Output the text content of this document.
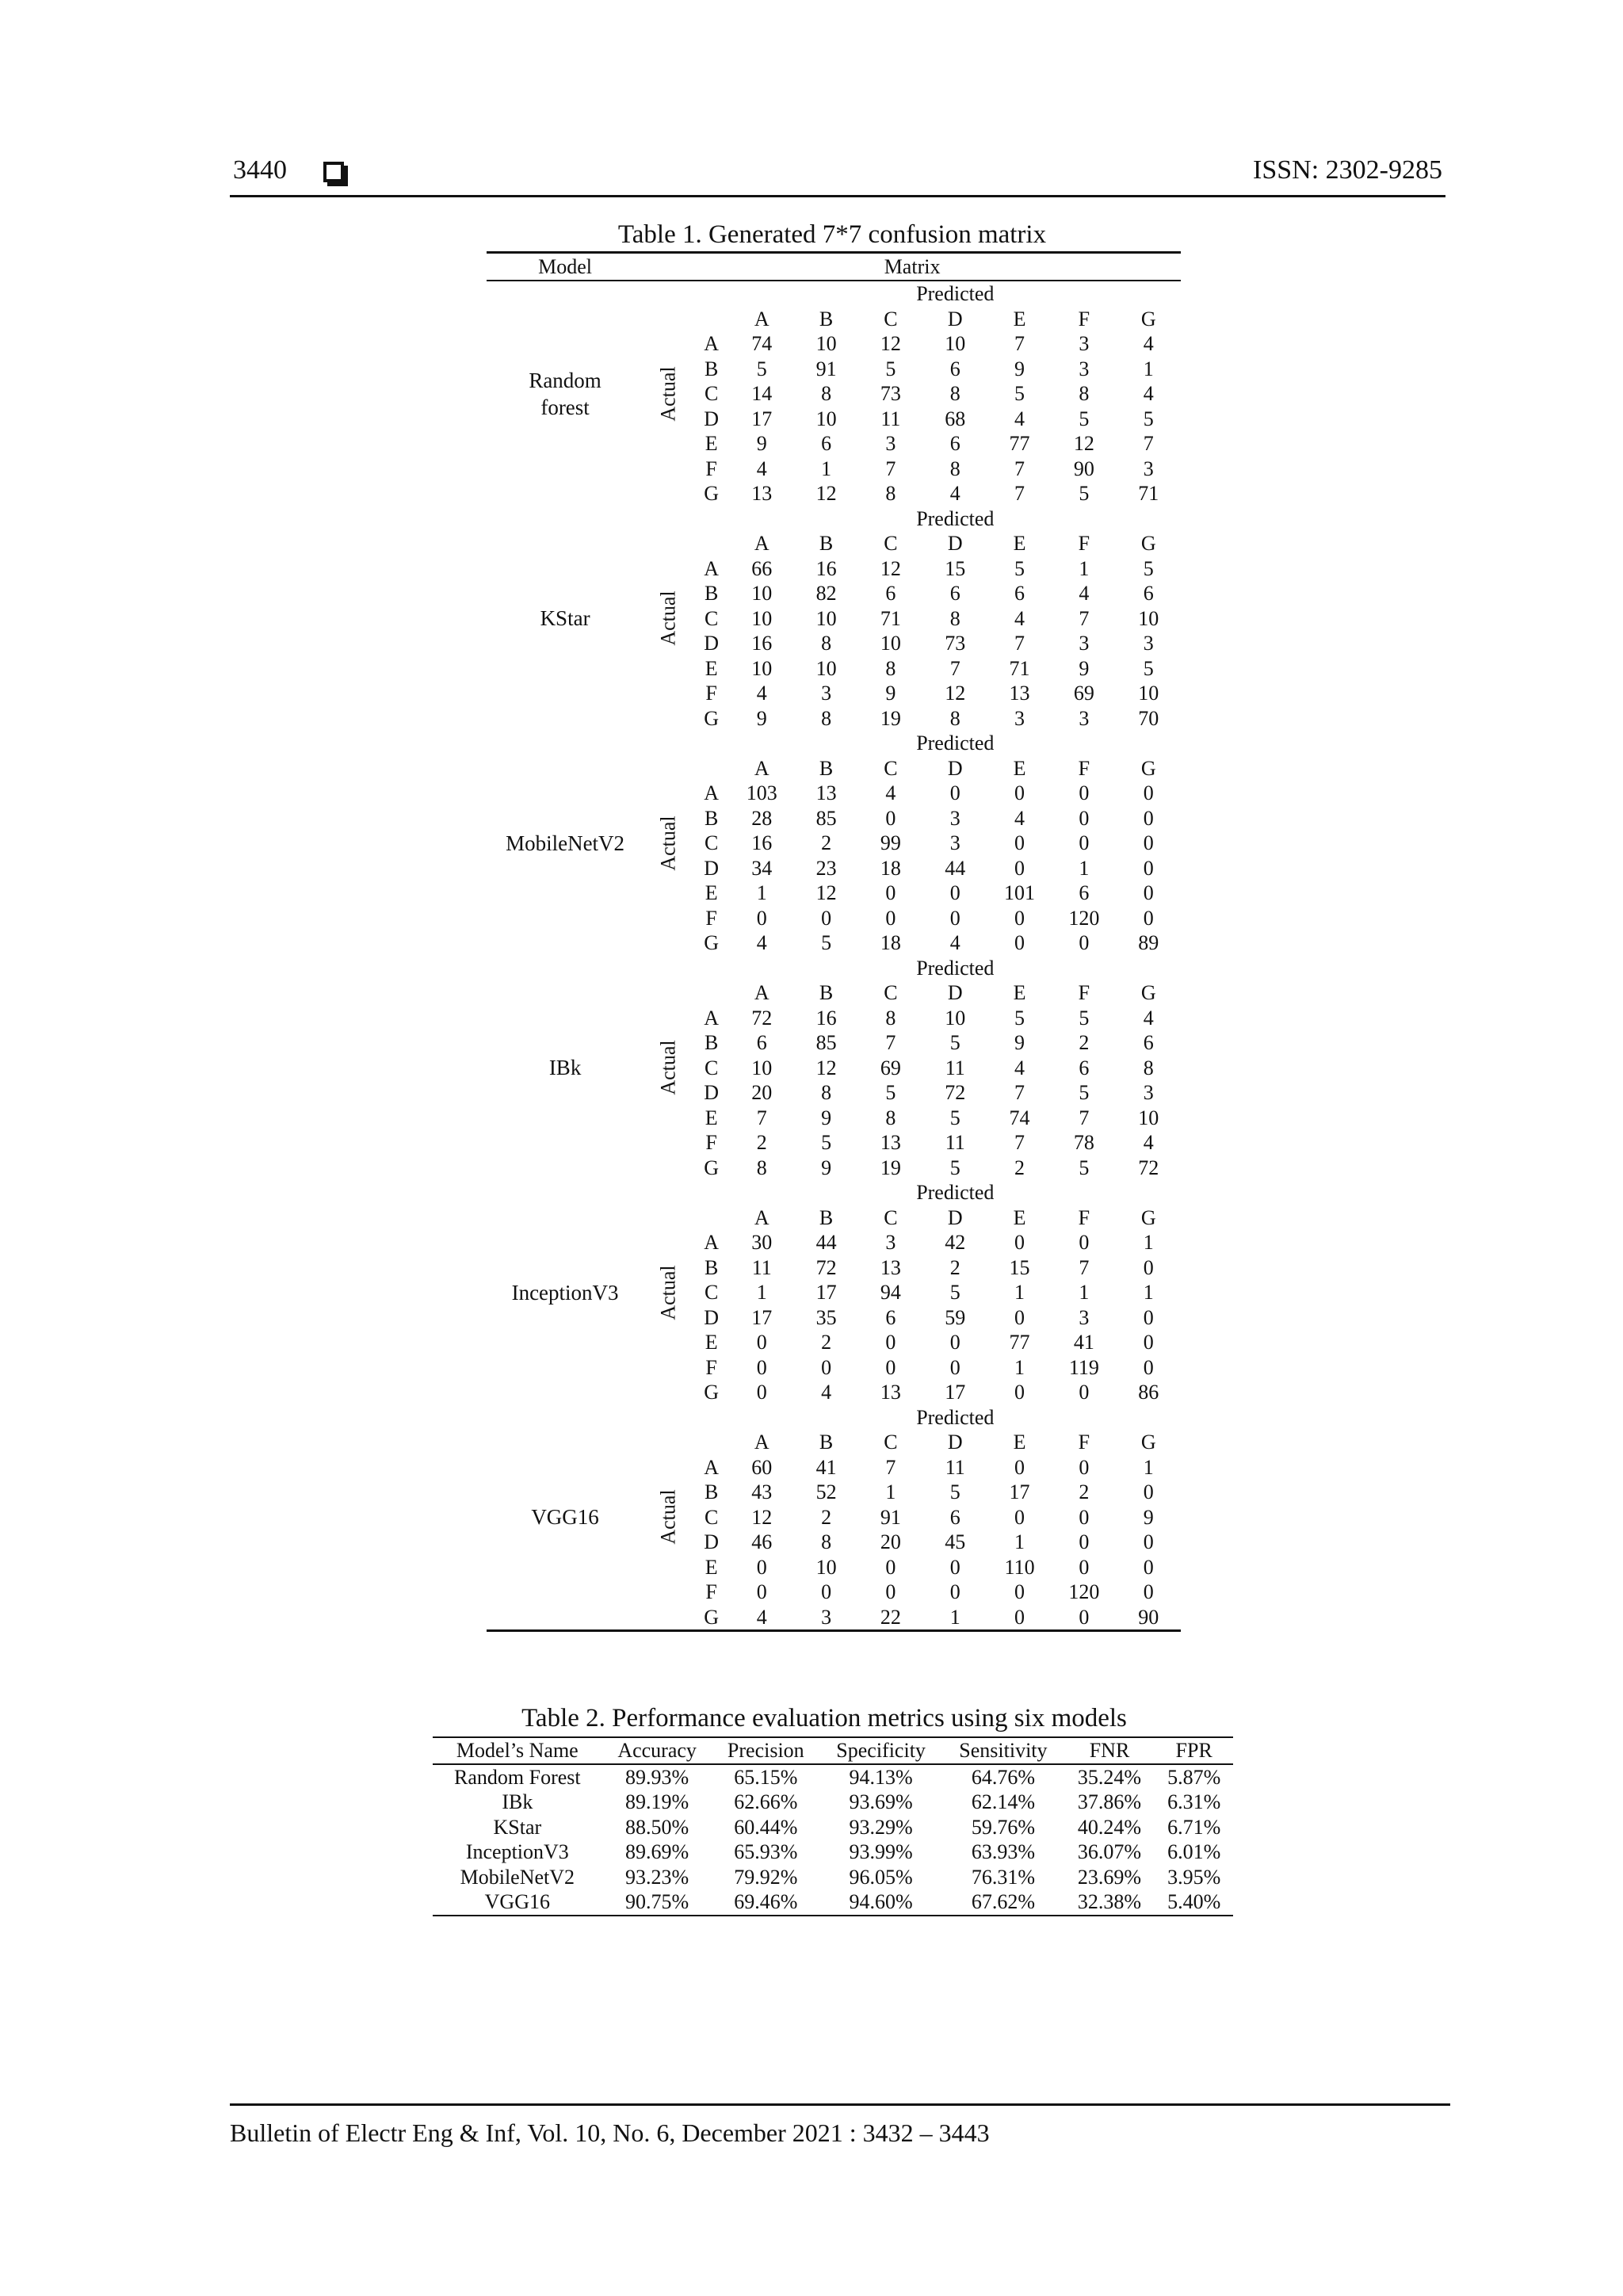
3440	ISSN: 2302-9285
Table 1. Generated 7*7 confusion matrix
Model	Matrix								
Random
forest	Actual		Predicted						
			A	B	C	D	E	F	G
		A	74	10	12	10	7	3	4
		B	5	91	5	6	9	3	1
		C	14	8	73	8	5	8	4
		D	17	10	11	68	4	5	5
		E	9	6	3	6	77	12	7
		F	4	1	7	8	7	90	3
		G	13	12	8	4	7	5	71
KStar	Actual		Predicted						
			A	B	C	D	E	F	G
		A	66	16	12	15	5	1	5
		B	10	82	6	6	6	4	6
		C	10	10	71	8	4	7	10
		D	16	8	10	73	7	3	3
		E	10	10	8	7	71	9	5
		F	4	3	9	12	13	69	10
		G	9	8	19	8	3	3	70
MobileNetV2	Actual		Predicted						
			A	B	C	D	E	F	G
		A	103	13	4	0	0	0	0
		B	28	85	0	3	4	0	0
		C	16	2	99	3	0	0	0
		D	34	23	18	44	0	1	0
		E	1	12	0	0	101	6	0
		F	0	0	0	0	0	120	0
		G	4	5	18	4	0	0	89
IBk	Actual		Predicted						
			A	B	C	D	E	F	G
		A	72	16	8	10	5	5	4
		B	6	85	7	5	9	2	6
		C	10	12	69	11	4	6	8
		D	20	8	5	72	7	5	3
		E	7	9	8	5	74	7	10
		F	2	5	13	11	7	78	4
		G	8	9	19	5	2	5	72
InceptionV3	Actual		Predicted						
			A	B	C	D	E	F	G
		A	30	44	3	42	0	0	1
		B	11	72	13	2	15	7	0
		C	1	17	94	5	1	1	1
		D	17	35	6	59	0	3	0
		E	0	2	0	0	77	41	0
		F	0	0	0	0	1	119	0
		G	0	4	13	17	0	0	86
VGG16	Actual		Predicted						
			A	B	C	D	E	F	G
		A	60	41	7	11	0	0	1
		B	43	52	1	5	17	2	0
		C	12	2	91	6	0	0	9
		D	46	8	20	45	1	0	0
		E	0	10	0	0	110	0	0
		F	0	0	0	0	0	120	0
		G	4	3	22	1	0	0	90
Table 2. Performance evaluation metrics using six models
Model’s Name	Accuracy	Precision	Specificity	Sensitivity	FNR	FPR
Random Forest	89.93%	65.15%	94.13%	64.76%	35.24%	5.87%
IBk	89.19%	62.66%	93.69%	62.14%	37.86%	6.31%
KStar	88.50%	60.44%	93.29%	59.76%	40.24%	6.71%
InceptionV3	89.69%	65.93%	93.99%	63.93%	36.07%	6.01%
MobileNetV2	93.23%	79.92%	96.05%	76.31%	23.69%	3.95%
VGG16	90.75%	69.46%	94.60%	67.62%	32.38%	5.40%
Bulletin of Electr Eng & Inf, Vol. 10, No. 6, December 2021 : 3432 – 3443
